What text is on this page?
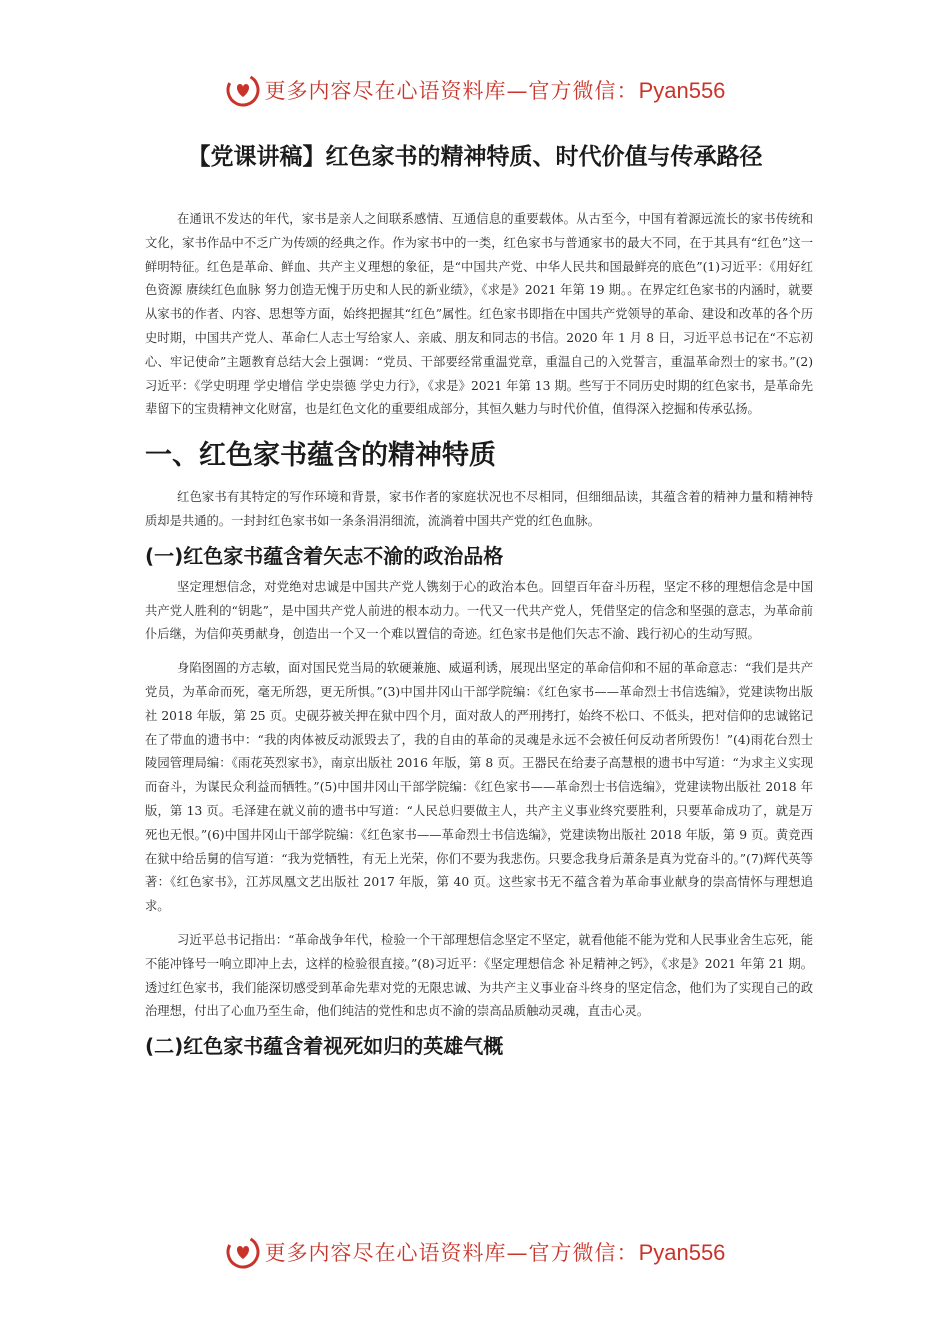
更多内容尽在心语资料库—官方微信：Pyan556
【党课讲稿】红色家书的精神特质、时代价值与传承路径

在通讯不发达的年代，家书是亲人之间联系感情、互通信息的重要载体。从古至今，中国有着源远流长的家书传统和文化，家书作品中不乏广为传颂的经典之作。作为家书中的一类，红色家书与普通家书的最大不同，在于其具有“红色”这一鲜明特征。红色是革命、鲜血、共产主义理想的象征，是“中国共产党、中华人民共和国最鲜亮的底色”(1)习近平：《用好红色资源 赓续红色血脉 努力创造无愧于历史和人民的新业绩》，《求是》2021 年第 19 期。。在界定红色家书的内涵时，就要从家书的作者、内容、思想等方面，始终把握其“红色”属性。红色家书即指在中国共产党领导的革命、建设和改革的各个历史时期，中国共产党人、革命仁人志士写给家人、亲戚、朋友和同志的书信。2020 年 1 月 8 日，习近平总书记在“不忘初心、牢记使命”主题教育总结大会上强调：“党员、干部要经常重温党章，重温自己的入党誓言，重温革命烈士的家书。”(2)习近平：《学史明理 学史增信 学史崇德 学史力行》，《求是》2021 年第 13 期。些写于不同历史时期的红色家书，是革命先辈留下的宝贵精神文化财富，也是红色文化的重要组成部分，其恒久魅力与时代价值，值得深入挖掘和传承弘扬。

一、红色家书蕴含的精神特质

红色家书有其特定的写作环境和背景，家书作者的家庭状况也不尽相同，但细细品读，其蕴含着的精神力量和精神特质却是共通的。一封封红色家书如一条条涓涓细流，流淌着中国共产党的红色血脉。

(一)红色家书蕴含着矢志不渝的政治品格

坚定理想信念，对党绝对忠诚是中国共产党人镌刻于心的政治本色。回望百年奋斗历程，坚定不移的理想信念是中国共产党人胜利的“钥匙”，是中国共产党人前进的根本动力。一代又一代共产党人，凭借坚定的信念和坚强的意志，为革命前仆后继，为信仰英勇献身，创造出一个又一个难以置信的奇迹。红色家书是他们矢志不渝、践行初心的生动写照。

身陷囹圄的方志敏，面对国民党当局的软硬兼施、威逼利诱，展现出坚定的革命信仰和不屈的革命意志：“我们是共产党员，为革命而死，毫无所怨，更无所惧。”(3)中国井冈山干部学院编：《红色家书——革命烈士书信选编》，党建读物出版社 2018 年版，第 25 页。史砚芬被关押在狱中四个月，面对敌人的严刑拷打，始终不松口、不低头，把对信仰的忠诚铭记在了带血的遗书中：“我的肉体被反动派毁去了，我的自由的革命的灵魂是永远不会被任何反动者所毁伤！”(4)雨花台烈士陵园管理局编：《雨花英烈家书》，南京出版社 2016 年版，第 8 页。王器民在给妻子高慧根的遗书中写道：“为求主义实现而奋斗，为谋民众利益而牺牲。”(5)中国井冈山干部学院编：《红色家书——革命烈士书信选编》，党建读物出版社 2018 年版，第 13 页。毛泽建在就义前的遗书中写道：“人民总归要做主人，共产主义事业终究要胜利，只要革命成功了，就是万死也无恨。”(6)中国井冈山干部学院编：《红色家书——革命烈士书信选编》，党建读物出版社 2018 年版，第 9 页。黄竞西在狱中给岳舅的信写道：“我为党牺牲，有无上光荣，你们不要为我悲伤。只要念我身后萧条是真为党奋斗的。”(7)辉代英等著：《红色家书》，江苏凤凰文艺出版社 2017 年版，第 40 页。这些家书无不蕴含着为革命事业献身的崇高情怀与理想追求。

习近平总书记指出：“革命战争年代，检验一个干部理想信念坚定不坚定，就看他能不能为党和人民事业舍生忘死，能不能冲锋号一响立即冲上去，这样的检验很直接。”(8)习近平：《坚定理想信念 补足精神之钙》，《求是》2021 年第 21 期。透过红色家书，我们能深切感受到革命先辈对党的无限忠诚、为共产主义事业奋斗终身的坚定信念，他们为了实现自己的政治理想，付出了心血乃至生命，他们纯洁的党性和忠贞不渝的崇高品质触动灵魂，直击心灵。

(二)红色家书蕴含着视死如归的英雄气概
更多内容尽在心语资料库—官方微信：Pyan556
